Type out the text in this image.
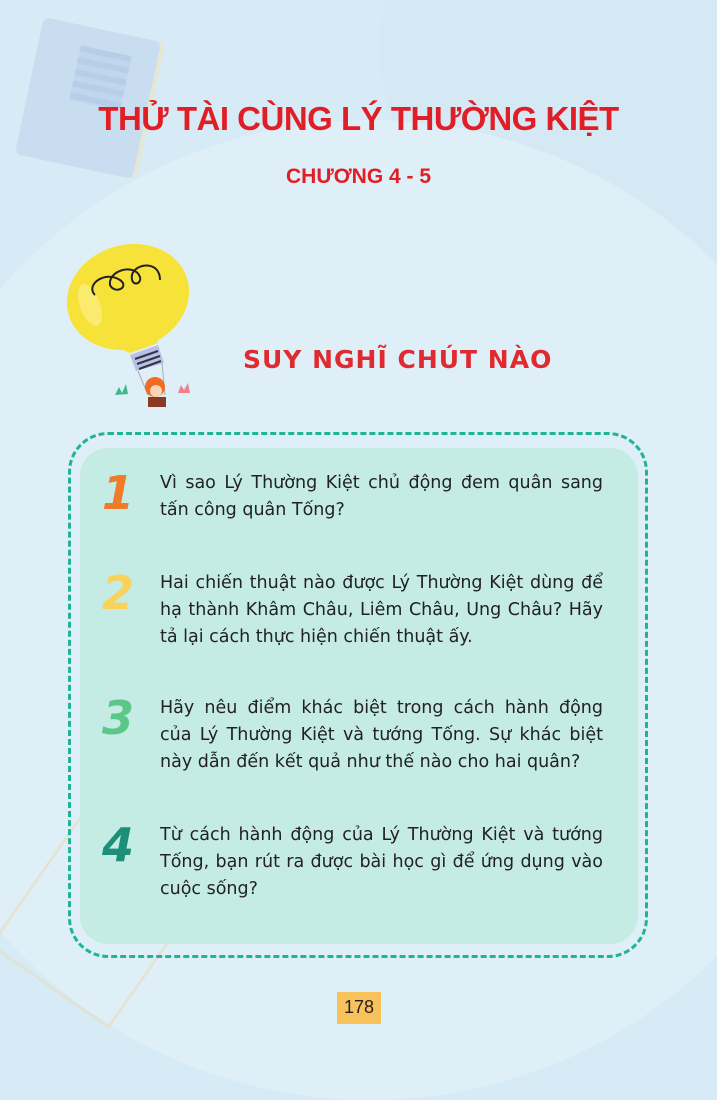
THỬ TÀI CÙNG LÝ THƯỜNG KIỆT
CHƯƠNG 4 - 5
SUY NGHĨ CHÚT NÀO
1	Vì sao Lý Thường Kiệt chủ động đem quân sang tấn công quân Tống?
2	Hai chiến thuật nào được Lý Thường Kiệt dùng để hạ thành Khâm Châu, Liêm Châu, Ung Châu? Hãy tả lại cách thực hiện chiến thuật ấy.
3	Hãy nêu điểm khác biệt trong cách hành động của Lý Thường Kiệt và tướng Tống. Sự khác biệt này dẫn đến kết quả như thế nào cho hai quân?
4	Từ cách hành động của Lý Thường Kiệt và tướng Tống, bạn rút ra được bài học gì để ứng dụng vào cuộc sống?
178
